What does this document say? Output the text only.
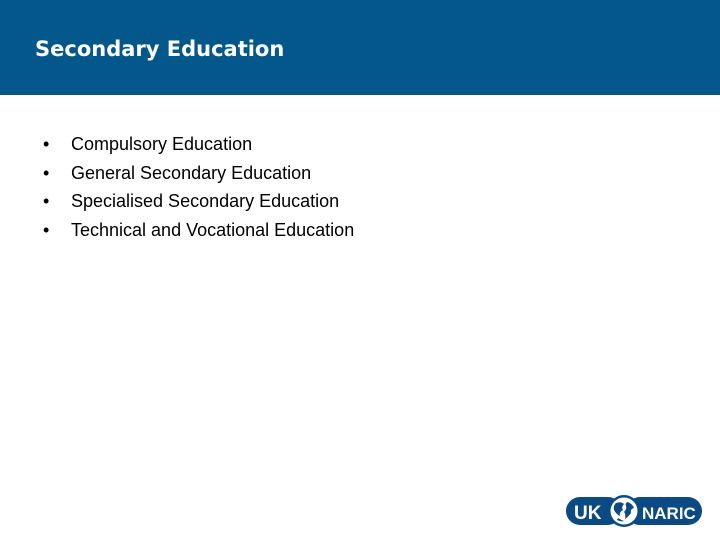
Secondary Education
• Compulsory Education
• General Secondary Education
• Specialised Secondary Education
• Technical and Vocational Education
UK NARIC
